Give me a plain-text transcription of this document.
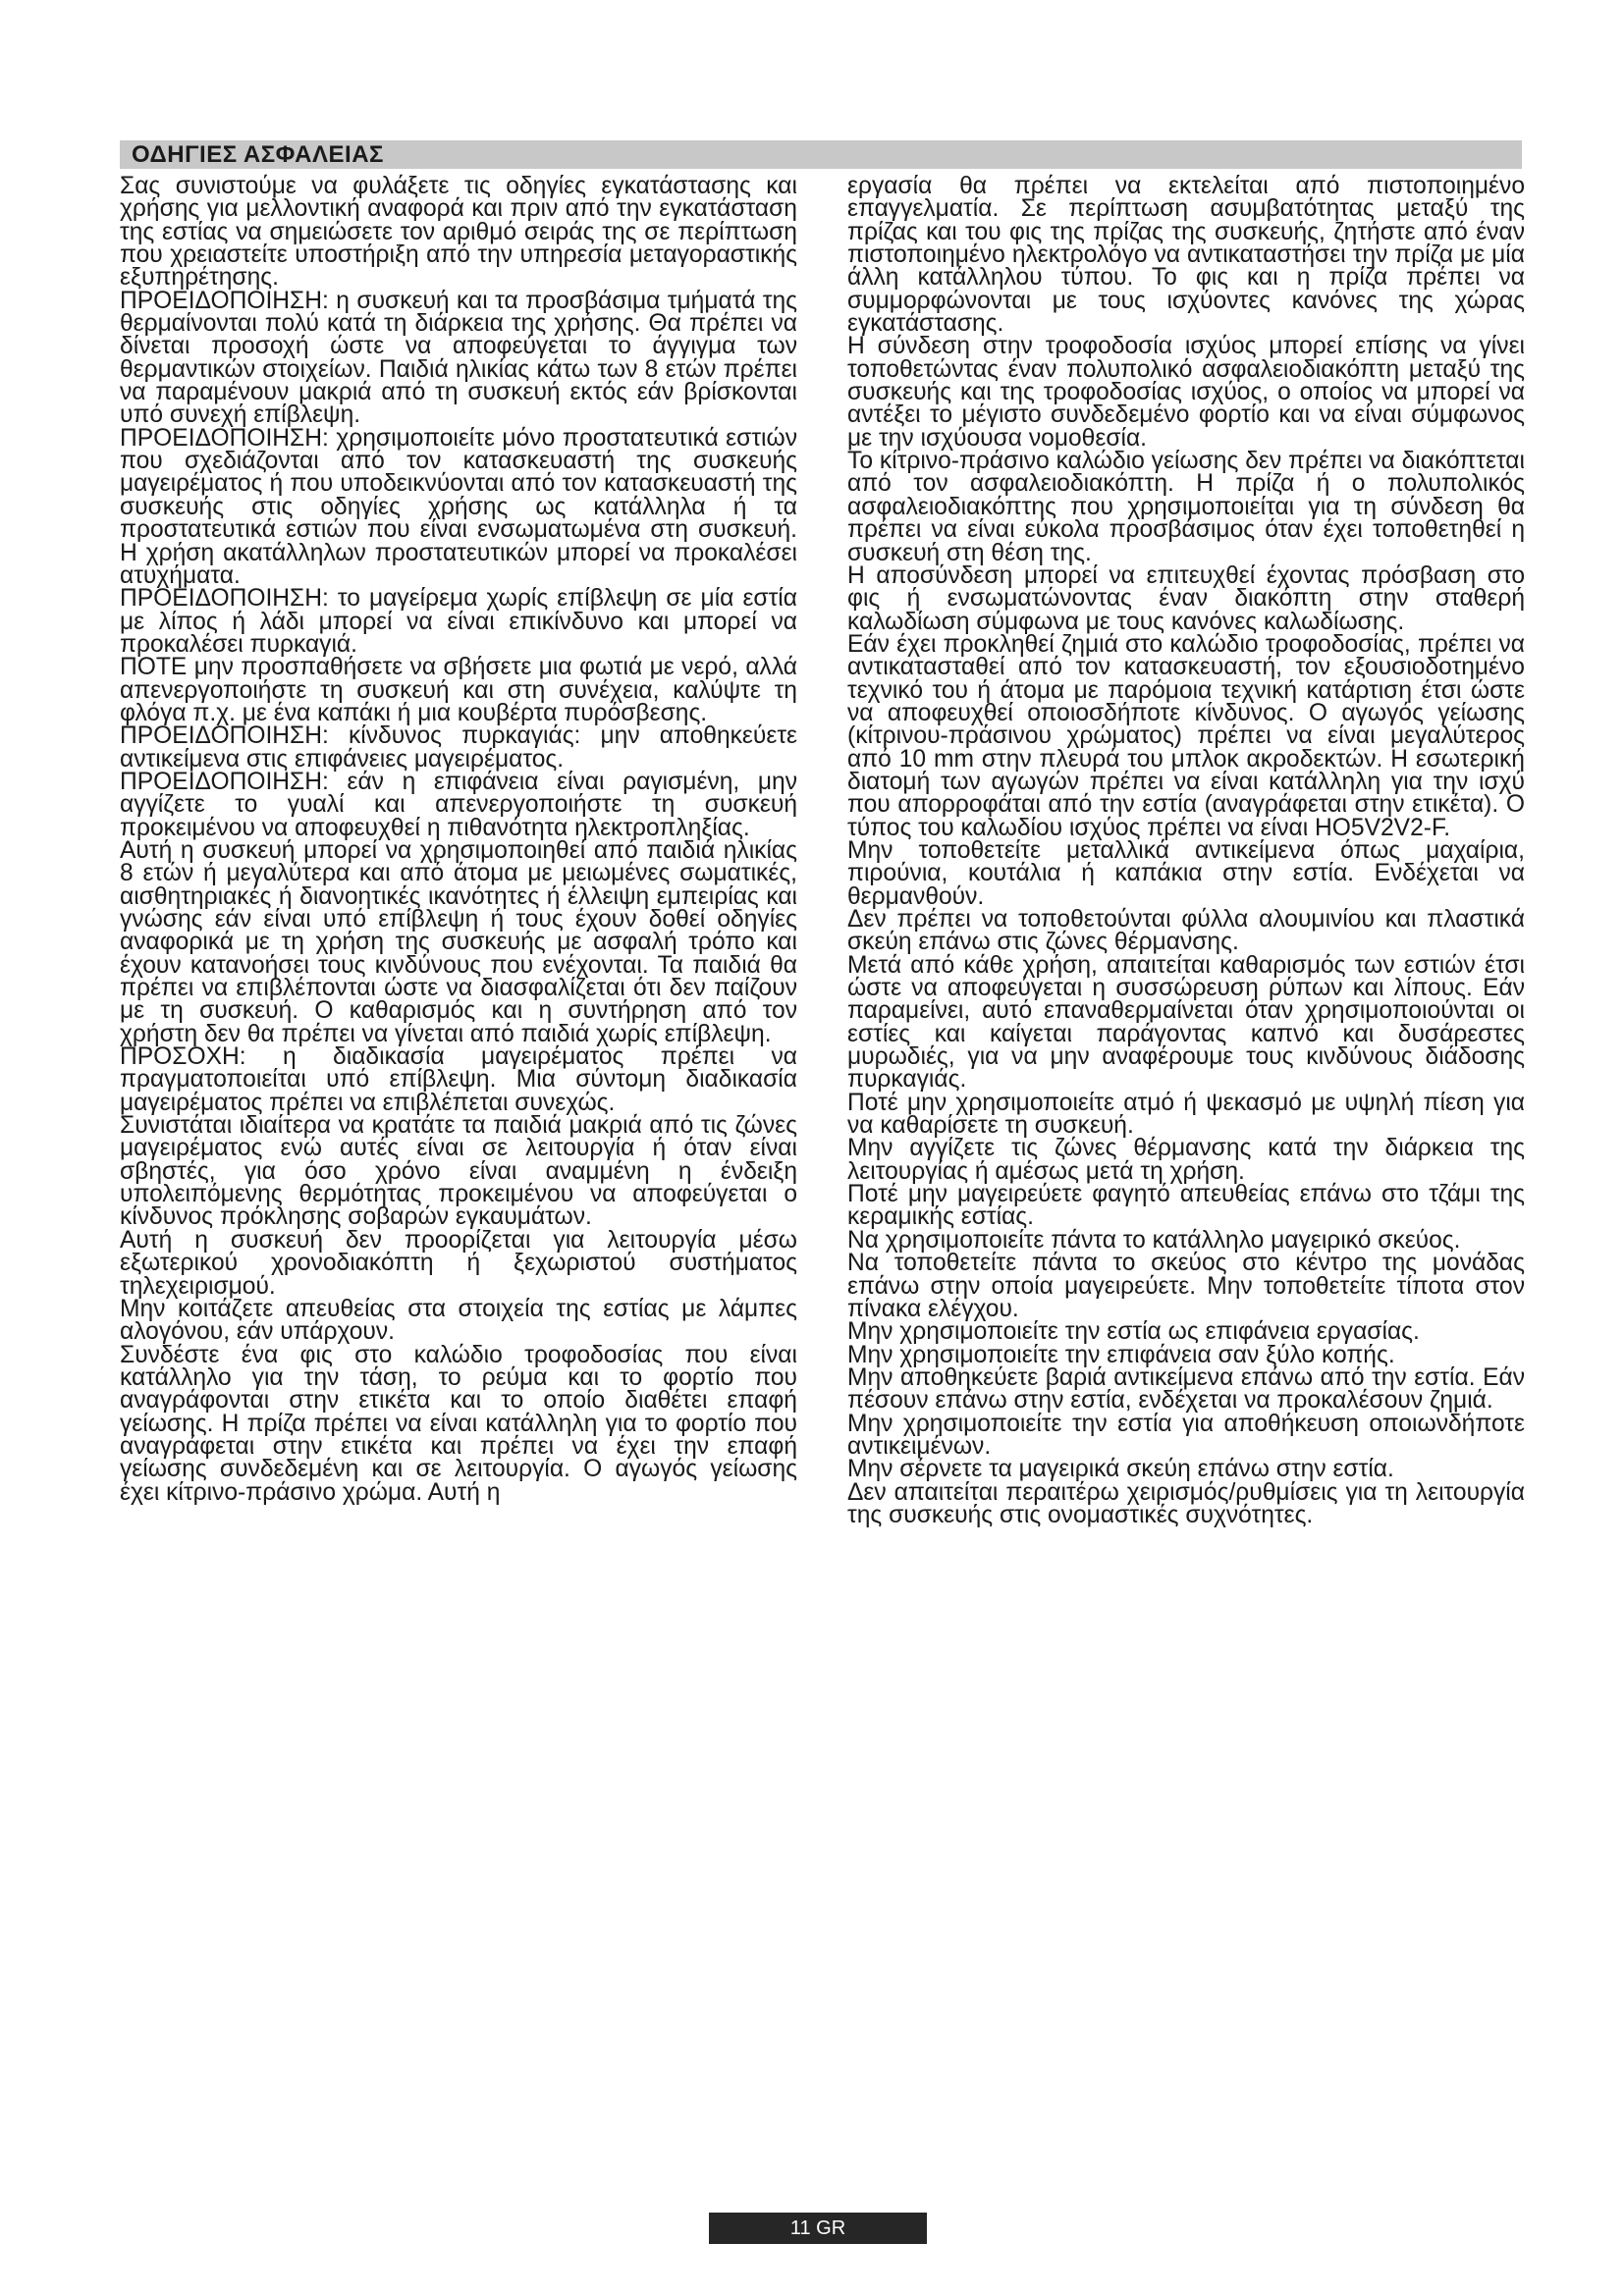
ΟΔΗΓΙΕΣ ΑΣΦΑΛΕΙΑΣ

Σας συνιστούμε να φυλάξετε τις οδηγίες εγκατάστασης και χρήσης για μελλοντική αναφορά και πριν από την εγκατάσταση της εστίας να σημειώσετε τον αριθμό σειράς της σε περίπτωση που χρειαστείτε υποστήριξη από την υπηρεσία μεταγοραστικής εξυπηρέτησης.

ΠΡΟΕΙΔΟΠΟΙΗΣΗ: η συσκευή και τα προσβάσιμα τμήματά της θερμαίνονται πολύ κατά τη διάρκεια της χρήσης. Θα πρέπει να δίνεται προσοχή ώστε να αποφεύγεται το άγγιγμα των θερμαντικών στοιχείων. Παιδιά ηλικίας κάτω των 8 ετών πρέπει να παραμένουν μακριά από τη συσκευή εκτός εάν βρίσκονται υπό συνεχή επίβλεψη.

ΠΡΟΕΙΔΟΠΟΙΗΣΗ: χρησιμοποιείτε μόνο προστατευτικά εστιών που σχεδιάζονται από τον κατασκευαστή της συσκευής μαγειρέματος ή που υποδεικνύονται από τον κατασκευαστή της συσκευής στις οδηγίες χρήσης ως κατάλληλα ή τα προστατευτικά εστιών που είναι ενσωματωμένα στη συσκευή. Η χρήση ακατάλληλων προστατευτικών μπορεί να προκαλέσει ατυχήματα.

ΠΡΟΕΙΔΟΠΟΙΗΣΗ: το μαγείρεμα χωρίς επίβλεψη σε μία εστία με λίπος ή λάδι μπορεί να είναι επικίνδυνο και μπορεί να προκαλέσει πυρκαγιά.

ΠΟΤΕ μην προσπαθήσετε να σβήσετε μια φωτιά με νερό, αλλά απενεργοποιήστε τη συσκευή και στη συνέχεια, καλύψτε τη φλόγα π.χ. με ένα καπάκι ή μια κουβέρτα πυρόσβεσης.

ΠΡΟΕΙΔΟΠΟΙΗΣΗ: κίνδυνος πυρκαγιάς: μην αποθηκεύετε αντικείμενα στις επιφάνειες μαγειρέματος.

ΠΡΟΕΙΔΟΠΟΙΗΣΗ: εάν η επιφάνεια είναι ραγισμένη, μην αγγίζετε το γυαλί και απενεργοποιήστε τη συσκευή προκειμένου να αποφευχθεί η πιθανότητα ηλεκτροπληξίας.

Αυτή η συσκευή μπορεί να χρησιμοποιηθεί από παιδιά ηλικίας 8 ετών ή μεγαλύτερα και από άτομα με μειωμένες σωματικές, αισθητηριακές ή διανοητικές ικανότητες ή έλλειψη εμπειρίας και γνώσης εάν είναι υπό επίβλεψη ή τους έχουν δοθεί οδηγίες αναφορικά με τη χρήση της συσκευής με ασφαλή τρόπο και έχουν κατανοήσει τους κινδύνους που ενέχονται. Τα παιδιά θα πρέπει να επιβλέπονται ώστε να διασφαλίζεται ότι δεν παίζουν με τη συσκευή. Ο καθαρισμός και η συντήρηση από τον χρήστη δεν θα πρέπει να γίνεται από παιδιά χωρίς επίβλεψη.

ΠΡΟΣΟΧΗ: η διαδικασία μαγειρέματος πρέπει να πραγματοποιείται υπό επίβλεψη. Μια σύντομη διαδικασία μαγειρέματος πρέπει να επιβλέπεται συνεχώς.

Συνιστάται ιδιαίτερα να κρατάτε τα παιδιά μακριά από τις ζώνες μαγειρέματος ενώ αυτές είναι σε λειτουργία ή όταν είναι σβηστές, για όσο χρόνο είναι αναμμένη η ένδειξη υπολειπόμενης θερμότητας προκειμένου να αποφεύγεται ο κίνδυνος πρόκλησης σοβαρών εγκαυμάτων.

Αυτή η συσκευή δεν προορίζεται για λειτουργία μέσω εξωτερικού χρονοδιακόπτη ή ξεχωριστού συστήματος τηλεχειρισμού.

Μην κοιτάζετε απευθείας στα στοιχεία της εστίας με λάμπες αλογόνου, εάν υπάρχουν.

Συνδέστε ένα φις στο καλώδιο τροφοδοσίας που είναι κατάλληλο για την τάση, το ρεύμα και το φορτίο που αναγράφονται στην ετικέτα και το οποίο διαθέτει επαφή γείωσης. Η πρίζα πρέπει να είναι κατάλληλη για το φορτίο που αναγράφεται στην ετικέτα και πρέπει να έχει την επαφή γείωσης συνδεδεμένη και σε λειτουργία. Ο αγωγός γείωσης έχει κίτρινο-πράσινο χρώμα. Αυτή η

εργασία θα πρέπει να εκτελείται από πιστοποιημένο επαγγελματία. Σε περίπτωση ασυμβατότητας μεταξύ της πρίζας και του φις της πρίζας της συσκευής, ζητήστε από έναν πιστοποιημένο ηλεκτρολόγο να αντικαταστήσει την πρίζα με μία άλλη κατάλληλου τύπου. Το φις και η πρίζα πρέπει να συμμορφώνονται με τους ισχύοντες κανόνες της χώρας εγκατάστασης.

Η σύνδεση στην τροφοδοσία ισχύος μπορεί επίσης να γίνει τοποθετώντας έναν πολυπολικό ασφαλειοδιακόπτη μεταξύ της συσκευής και της τροφοδοσίας ισχύος, ο οποίος να μπορεί να αντέξει το μέγιστο συνδεδεμένο φορτίο και να είναι σύμφωνος με την ισχύουσα νομοθεσία.

Το κίτρινο-πράσινο καλώδιο γείωσης δεν πρέπει να διακόπτεται από τον ασφαλειοδιακόπτη. Η πρίζα ή ο πολυπολικός ασφαλειοδιακόπτης που χρησιμοποιείται για τη σύνδεση θα πρέπει να είναι εύκολα προσβάσιμος όταν έχει τοποθετηθεί η συσκευή στη θέση της.

Η αποσύνδεση μπορεί να επιτευχθεί έχοντας πρόσβαση στο φις ή ενσωματώνοντας έναν διακόπτη στην σταθερή καλωδίωση σύμφωνα με τους κανόνες καλωδίωσης.

Εάν έχει προκληθεί ζημιά στο καλώδιο τροφοδοσίας, πρέπει να αντικατασταθεί από τον κατασκευαστή, τον εξουσιοδοτημένο τεχνικό του ή άτομα με παρόμοια τεχνική κατάρτιση έτσι ώστε να αποφευχθεί οποιοσδήποτε κίνδυνος. Ο αγωγός γείωσης (κίτρινου-πράσινου χρώματος) πρέπει να είναι μεγαλύτερος από 10 mm στην πλευρά του μπλοκ ακροδεκτών. Η εσωτερική διατομή των αγωγών πρέπει να είναι κατάλληλη για την ισχύ που απορροφάται από την εστία (αναγράφεται στην ετικέτα). Ο τύπος του καλωδίου ισχύος πρέπει να είναι HO5V2V2-F.

Μην τοποθετείτε μεταλλικά αντικείμενα όπως μαχαίρια, πιρούνια, κουτάλια ή καπάκια στην εστία. Ενδέχεται να θερμανθούν.

Δεν πρέπει να τοποθετούνται φύλλα αλουμινίου και πλαστικά σκεύη επάνω στις ζώνες θέρμανσης.

Μετά από κάθε χρήση, απαιτείται καθαρισμός των εστιών έτσι ώστε να αποφεύγεται η συσσώρευση ρύπων και λίπους. Εάν παραμείνει, αυτό επαναθερμαίνεται όταν χρησιμοποιούνται οι εστίες και καίγεται παράγοντας καπνό και δυσάρεστες μυρωδιές, για να μην αναφέρουμε τους κινδύνους διάδοσης πυρκαγιάς.

Ποτέ μην χρησιμοποιείτε ατμό ή ψεκασμό με υψηλή πίεση για να καθαρίσετε τη συσκευή.

Μην αγγίζετε τις ζώνες θέρμανσης κατά την διάρκεια της λειτουργίας ή αμέσως μετά τη χρήση.

Ποτέ μην μαγειρεύετε φαγητό απευθείας επάνω στο τζάμι της κεραμικής εστίας.

Να χρησιμοποιείτε πάντα το κατάλληλο μαγειρικό σκεύος.

Να τοποθετείτε πάντα το σκεύος στο κέντρο της μονάδας επάνω στην οποία μαγειρεύετε. Μην τοποθετείτε τίποτα στον πίνακα ελέγχου.

Μην χρησιμοποιείτε την εστία ως επιφάνεια εργασίας.

Μην χρησιμοποιείτε την επιφάνεια σαν ξύλο κοπής.

Μην αποθηκεύετε βαριά αντικείμενα επάνω από την εστία. Εάν πέσουν επάνω στην εστία, ενδέχεται να προκαλέσουν ζημιά.

Μην χρησιμοποιείτε την εστία για αποθήκευση οποιωνδήποτε αντικειμένων.

Μην σέρνετε τα μαγειρικά σκεύη επάνω στην εστία.

Δεν απαιτείται περαιτέρω χειρισμός/ρυθμίσεις για τη λειτουργία της συσκευής στις ονομαστικές συχνότητες.

11 GR
